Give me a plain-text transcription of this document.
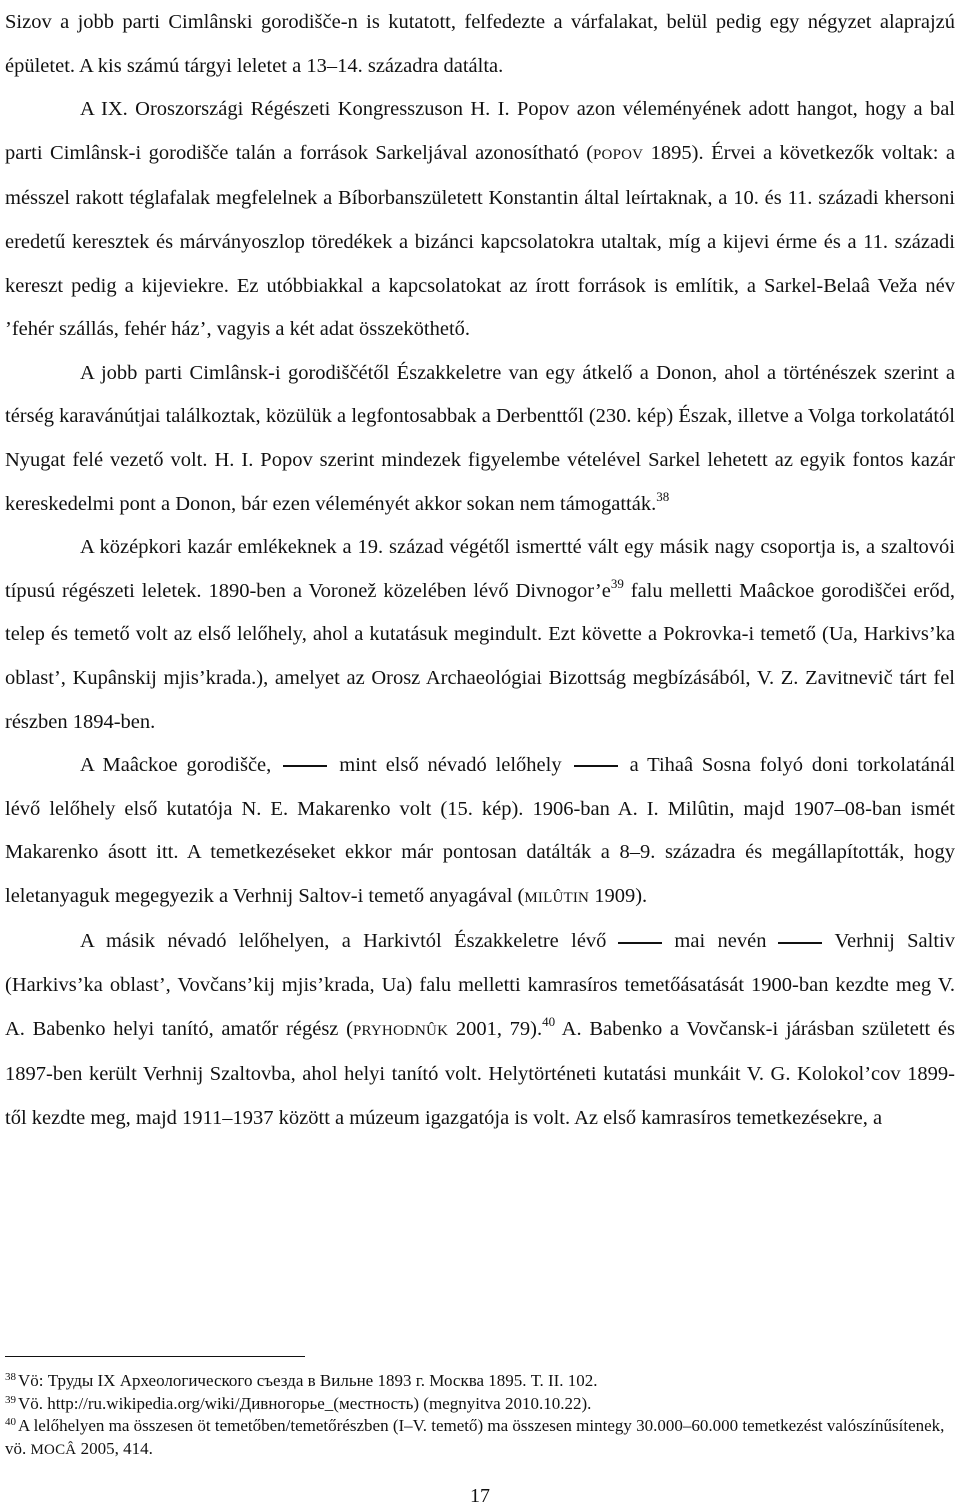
Sizov a jobb parti Cimlânski gorodišče-n is kutatott, felfedezte a várfalakat, belül pedig egy négyzet alaprajzú épületet. A kis számú tárgyi leletet a 13–14. századra datálta.

A IX. Oroszországi Régészeti Kongresszuson H. I. Popov azon véleményének adott hangot, hogy a bal parti Cimlânsk-i gorodišče talán a források Sarkeljával azonosítható (POPOV 1895). Érvei a következők voltak: a mésszel rakott téglafalak megfelelnek a Bíborbanszületett Konstantin által leírtaknak, a 10. és 11. századi khersoni eredetű keresztek és márványoszlop töredékek a bizánci kapcsolatokra utaltak, míg a kijevi érme és a 11. századi kereszt pedig a kijeviekre. Ez utóbbiakkal a kapcsolatokat az írott források is említik, a Sarkel-Belaâ Veža név ’fehér szállás, fehér ház’, vagyis a két adat összeköthető.

A jobb parti Cimlânsk-i gorodiščétől Északkeletre van egy átkelő a Donon, ahol a történészek szerint a térség karavánútjai találkoztak, közülük a legfontosabbak a Derbenttől (230. kép) Észak, illetve a Volga torkolatától Nyugat felé vezető volt. H. I. Popov szerint mindezek figyelembe vételével Sarkel lehetett az egyik fontos kazár kereskedelmi pont a Donon, bár ezen véleményét akkor sokan nem támogatták.$^{38}$

A középkori kazár emlékeknek a 19. század végétől ismertté vált egy másik nagy csoportja is, a szaltovói típusú régészeti leletek. 1890-ben a Voronež közelében lévő Divnogor’e$^{39}$ falu melletti Maâckoe gorodiščei erőd, telep és temető volt az első lelőhely, ahol a kutatásuk megindult. Ezt követte a Pokrovka-i temető (Ua, Harkivs’ka oblast’, Kupânskij mjis’krada.), amelyet az Orosz Archaeológiai Bizottság megbízásából, V. Z. Zavitnevič tárt fel részben 1894-ben.

A Maâckoe gorodišče,	mint első névadó lelőhely	a Tihaâ Sosna folyó doni torkolatánál lévő lelőhely első kutatója N. E. Makarenko volt (15. kép). 1906-ban A. I. Milûtin, majd 1907–08-ban ismét Makarenko ásott itt. A temetkezéseket ekkor már pontosan datálták a 8–9. századra és megállapították, hogy leletanyaguk megegyezik a Verhnij Saltov-i temető anyagával (MILÛTIN 1909).

A másik névadó lelőhelyen, a Harkivtól Északkeletre lévő	mai nevén	Verhnij Saltiv (Harkivs’ka oblast’, Vovčans’kij mjis’krada, Ua) falu melletti kamrasíros temetőásatását 1900-ban kezdte meg V. A. Babenko helyi tanító, amatőr régész (PRYHODNÛK 2001, 79).$^{40}$ A. Babenko a Vovčansk-i járásban született és 1897-ben került Verhnij Szaltovba, ahol helyi tanító volt. Helytörténeti kutatási munkáit V. G. Kolokol’cov 1899-től kezdte meg, majd 1911–1937 között a múzeum igazgatója is volt. Az első kamrasíros temetkezésekre, a

$^{38}$ Vö: Труды IX Археологического съезда в Вильне 1893 г. Москва 1895. Т. II. 102.

$^{39}$ Vö. http://ru.wikipedia.org/wiki/Дивногорье_(местность) (megnyitva 2010.10.22).

$^{40}$ A lelőhelyen ma összesen öt temetőben/temetőrészben (I–V. temető) ma összesen mintegy 30.000–60.000 temetkezést valószínűsítenek, vö. MOCÂ 2005, 414.

17
